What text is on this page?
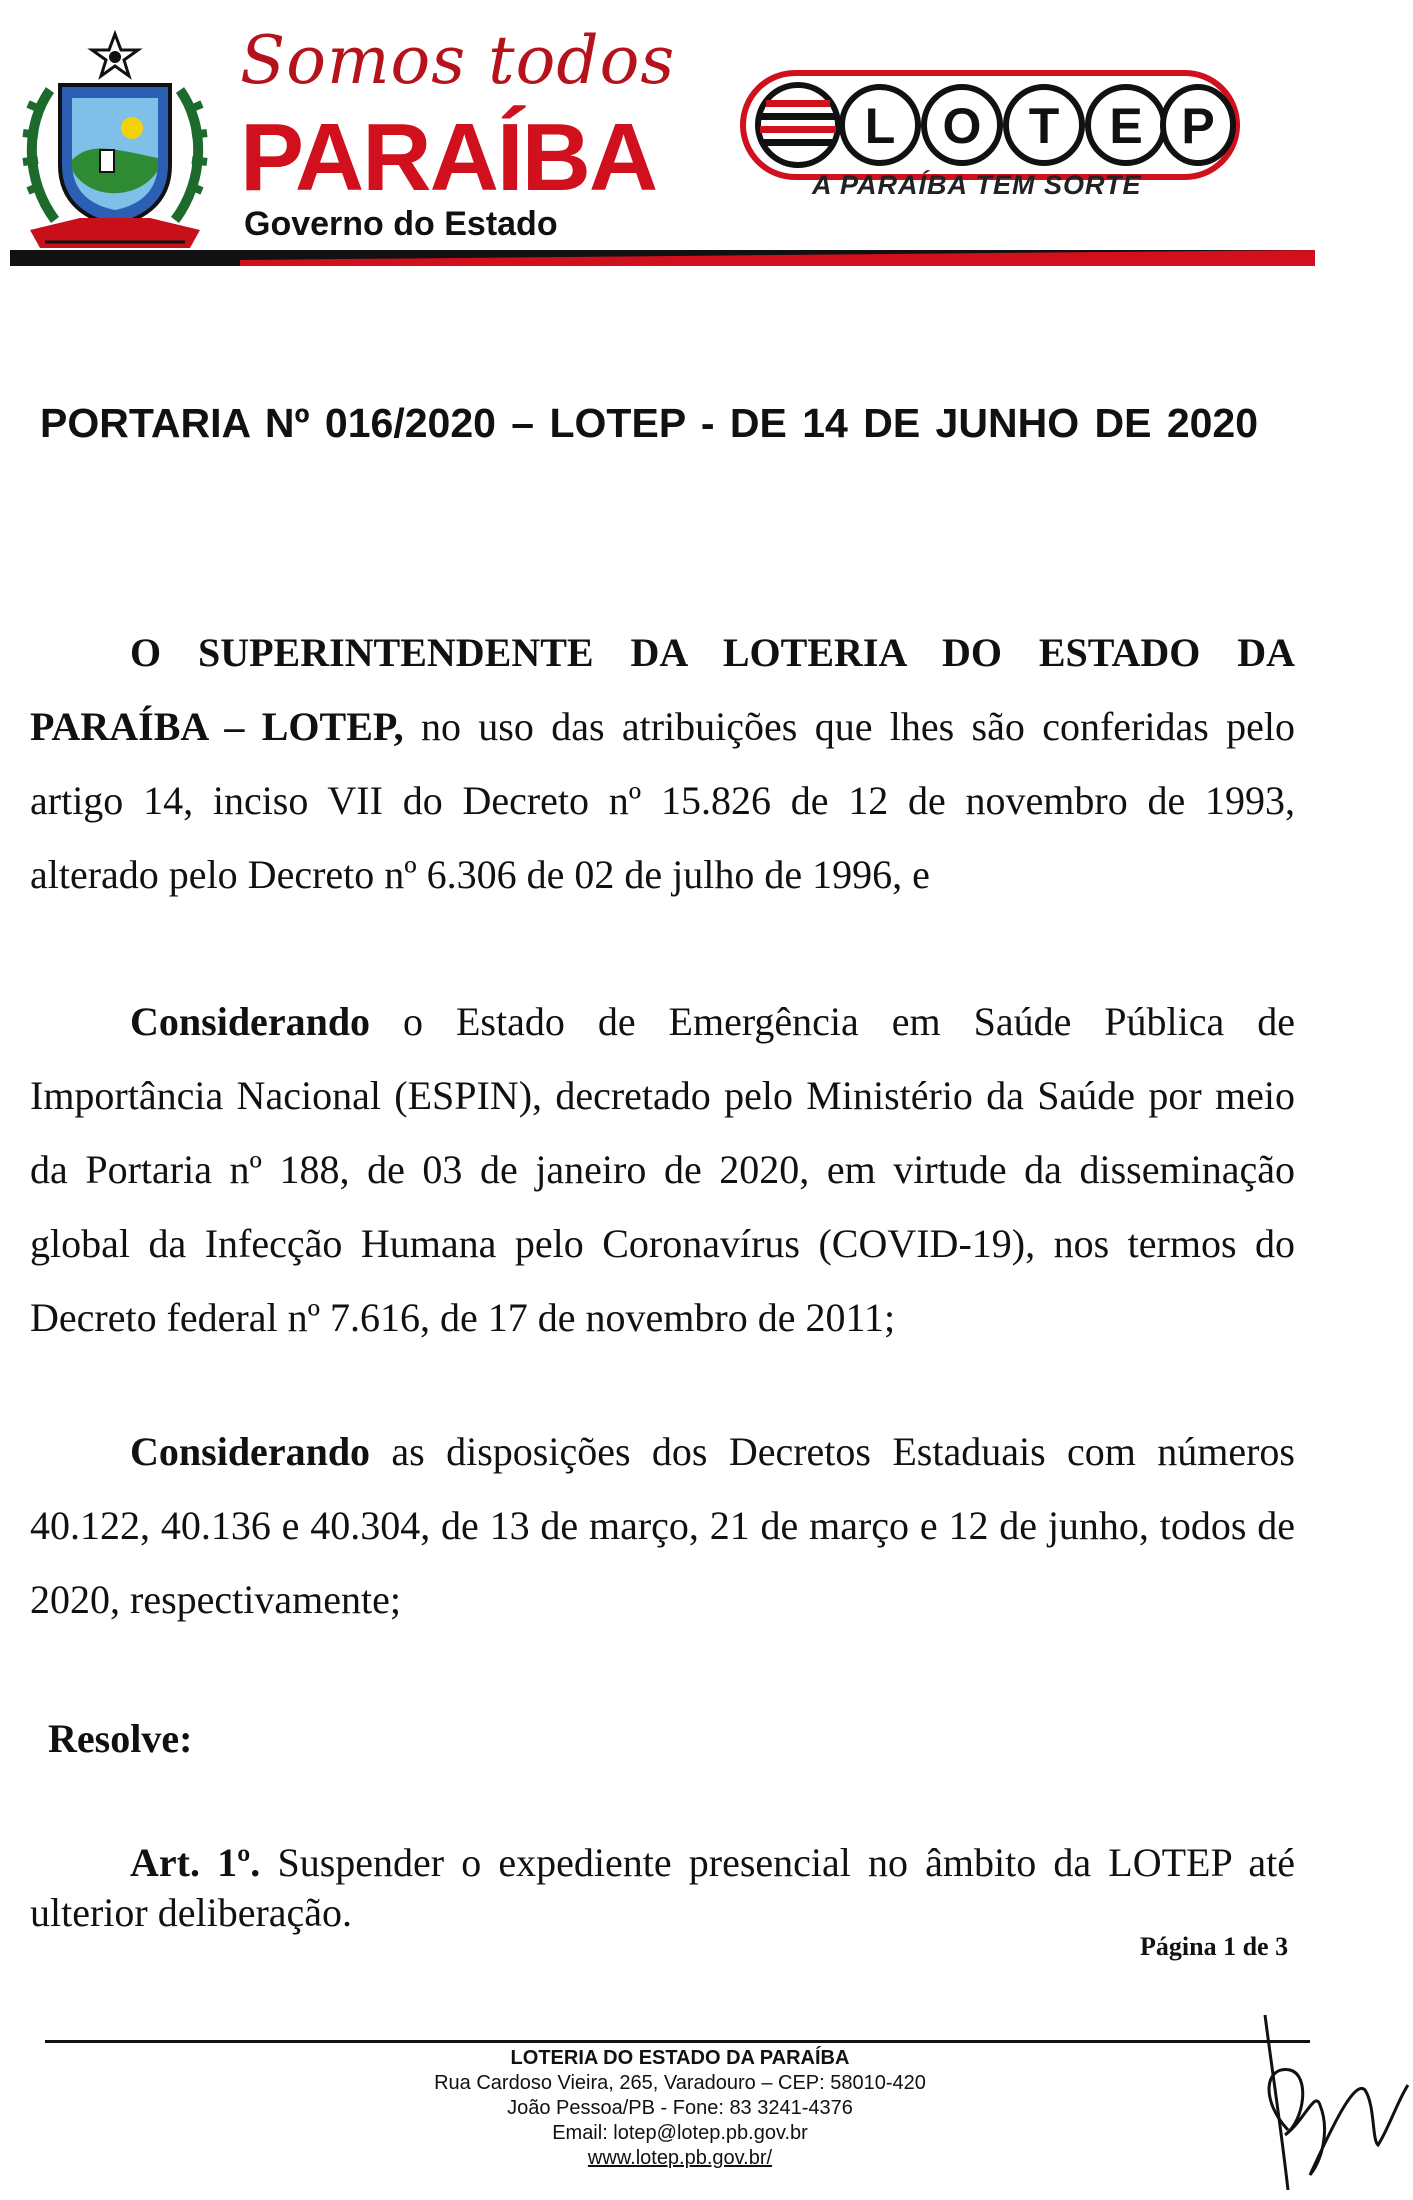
Somos todos
PARAÍBA
Governo do Estado
L O T E P
A PARAÍBA TEM SORTE
PORTARIA Nº 016/2020 – LOTEP - DE 14 DE JUNHO DE 2020
O SUPERINTENDENTE DA LOTERIA DO ESTADO DA PARAÍBA – LOTEP, no uso das atribuições que lhes são conferidas pelo artigo 14, inciso VII do Decreto nº 15.826 de 12 de novembro de 1993, alterado pelo Decreto nº 6.306 de 02 de julho de 1996, e
Considerando o Estado de Emergência em Saúde Pública de Importância Nacional (ESPIN), decretado pelo Ministério da Saúde por meio da Portaria nº 188, de 03 de janeiro de 2020, em virtude da disseminação global da Infecção Humana pelo Coronavírus (COVID-19), nos termos do Decreto federal nº 7.616, de 17 de novembro de 2011;
Considerando as disposições dos Decretos Estaduais com números 40.122, 40.136 e 40.304, de 13 de março, 21 de março e 12 de junho, todos de 2020, respectivamente;
Resolve:
Art. 1º. Suspender o expediente presencial no âmbito da LOTEP até ulterior deliberação.
Página 1 de 3
LOTERIA DO ESTADO DA PARAÍBA
Rua Cardoso Vieira, 265, Varadouro – CEP: 58010-420
João Pessoa/PB - Fone: 83 3241-4376
Email: lotep@lotep.pb.gov.br
www.lotep.pb.gov.br/
